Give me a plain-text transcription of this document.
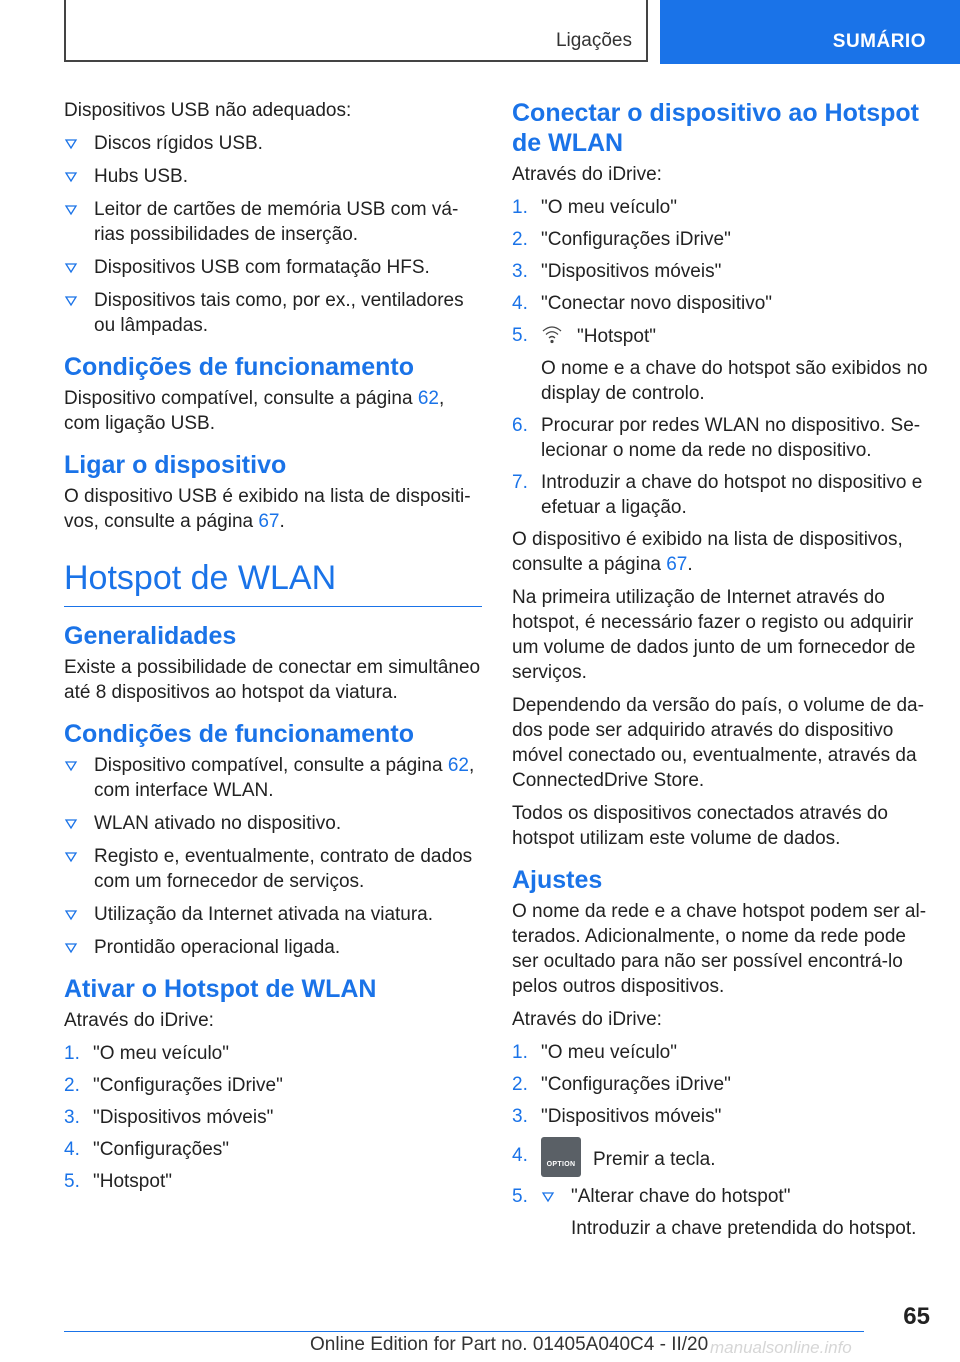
Ligações	SUMÁRIO

Dispositivos USB não adequados:

Discos rígidos USB.
Hubs USB.
Leitor de cartões de memória USB com vá-rias possibilidades de inserção.
Dispositivos USB com formatação HFS.
Dispositivos tais como, por ex., ventiladores ou lâmpadas.
Condições de funcionamento

Dispositivo compatível, consulte a página 62, com ligação USB.

Ligar o dispositivo

O dispositivo USB é exibido na lista de dispositi-vos, consulte a página 67.

Hotspot de WLAN
Generalidades

Existe a possibilidade de conectar em simultâneo até 8 dispositivos ao hotspot da viatura.

Condições de funcionamento
Dispositivo compatível, consulte a página 62, com interface WLAN.
WLAN ativado no dispositivo.
Registo e, eventualmente, contrato de dados com um fornecedor de serviços.
Utilização da Internet ativada na viatura.
Prontidão operacional ligada.
Ativar o Hotspot de WLAN

Através do iDrive:

1. "O meu veículo"
2. "Configurações iDrive"
3. "Dispositivos móveis"
4. "Configurações"
5. "Hotspot"
Conectar o dispositivo ao Hotspot de WLAN

Através do iDrive:

1. "O meu veículo"
2. "Configurações iDrive"
3. "Dispositivos móveis"
4. "Conectar novo dispositivo"
5.	"Hotspot"
O nome e a chave do hotspot são exibidos no display de controlo.
6. Procurar por redes WLAN no dispositivo. Se-lecionar o nome da rede no dispositivo.
7. Introduzir a chave do hotspot no dispositivo e efetuar a ligação.

O dispositivo é exibido na lista de dispositivos, consulte a página 67.

Na primeira utilização de Internet através do hotspot, é necessário fazer o registo ou adquirir um volume de dados junto de um fornecedor de serviços.

Dependendo da versão do país, o volume de da-dos pode ser adquirido através do dispositivo móvel conectado ou, eventualmente, através da ConnectedDrive Store.

Todos os dispositivos conectados através do hotspot utilizam este volume de dados.

Ajustes

O nome da rede e a chave hotspot podem ser al-terados. Adicionalmente, o nome da rede pode ser ocultado para não ser possível encontrá-lo pelos outros dispositivos.

Através do iDrive:

1. "O meu veículo"
2. "Configurações iDrive"
3. "Dispositivos móveis"
4.	OPTION Premir a tecla.
5.	"Alterar chave do hotspot"
Introduzir a chave pretendida do hotspot.
65
Online Edition for Part no. 01405A040C4 - II/20 manualsonline.info
